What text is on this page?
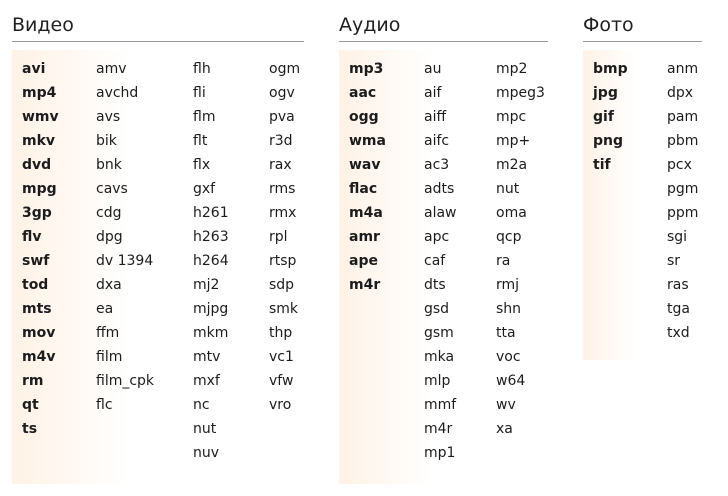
Видео
avi
mp4
wmv
mkv
dvd
mpg
3gp
flv
swf
tod
mts
mov
m4v
rm
qt
ts
amv
avchd
avs
bik
bnk
cavs
cdg
dpg
dv 1394
dxa
ea
ffm
film
film_cpk
flc
flh
fli
flm
flt
flx
gxf
h261
h263
h264
mj2
mjpg
mkm
mtv
mxf
nc
nut
nuv
ogm
ogv
pva
r3d
rax
rms
rmx
rpl
rtsp
sdp
smk
thp
vc1
vfw
vro
Аудио
mp3
aac
ogg
wma
wav
flac
m4a
amr
ape
m4r
au
aif
aiff
aifc
ac3
adts
alaw
apc
caf
dts
gsd
gsm
mka
mlp
mmf
m4r
mp1
mp2
mpeg3
mpc
mp+
m2a
nut
oma
qcp
ra
rmj
shn
tta
voc
w64
wv
xa
Фото
bmp
jpg
gif
png
tif
anm
dpx
pam
pbm
pcx
pgm
ppm
sgi
sr
ras
tga
txd
